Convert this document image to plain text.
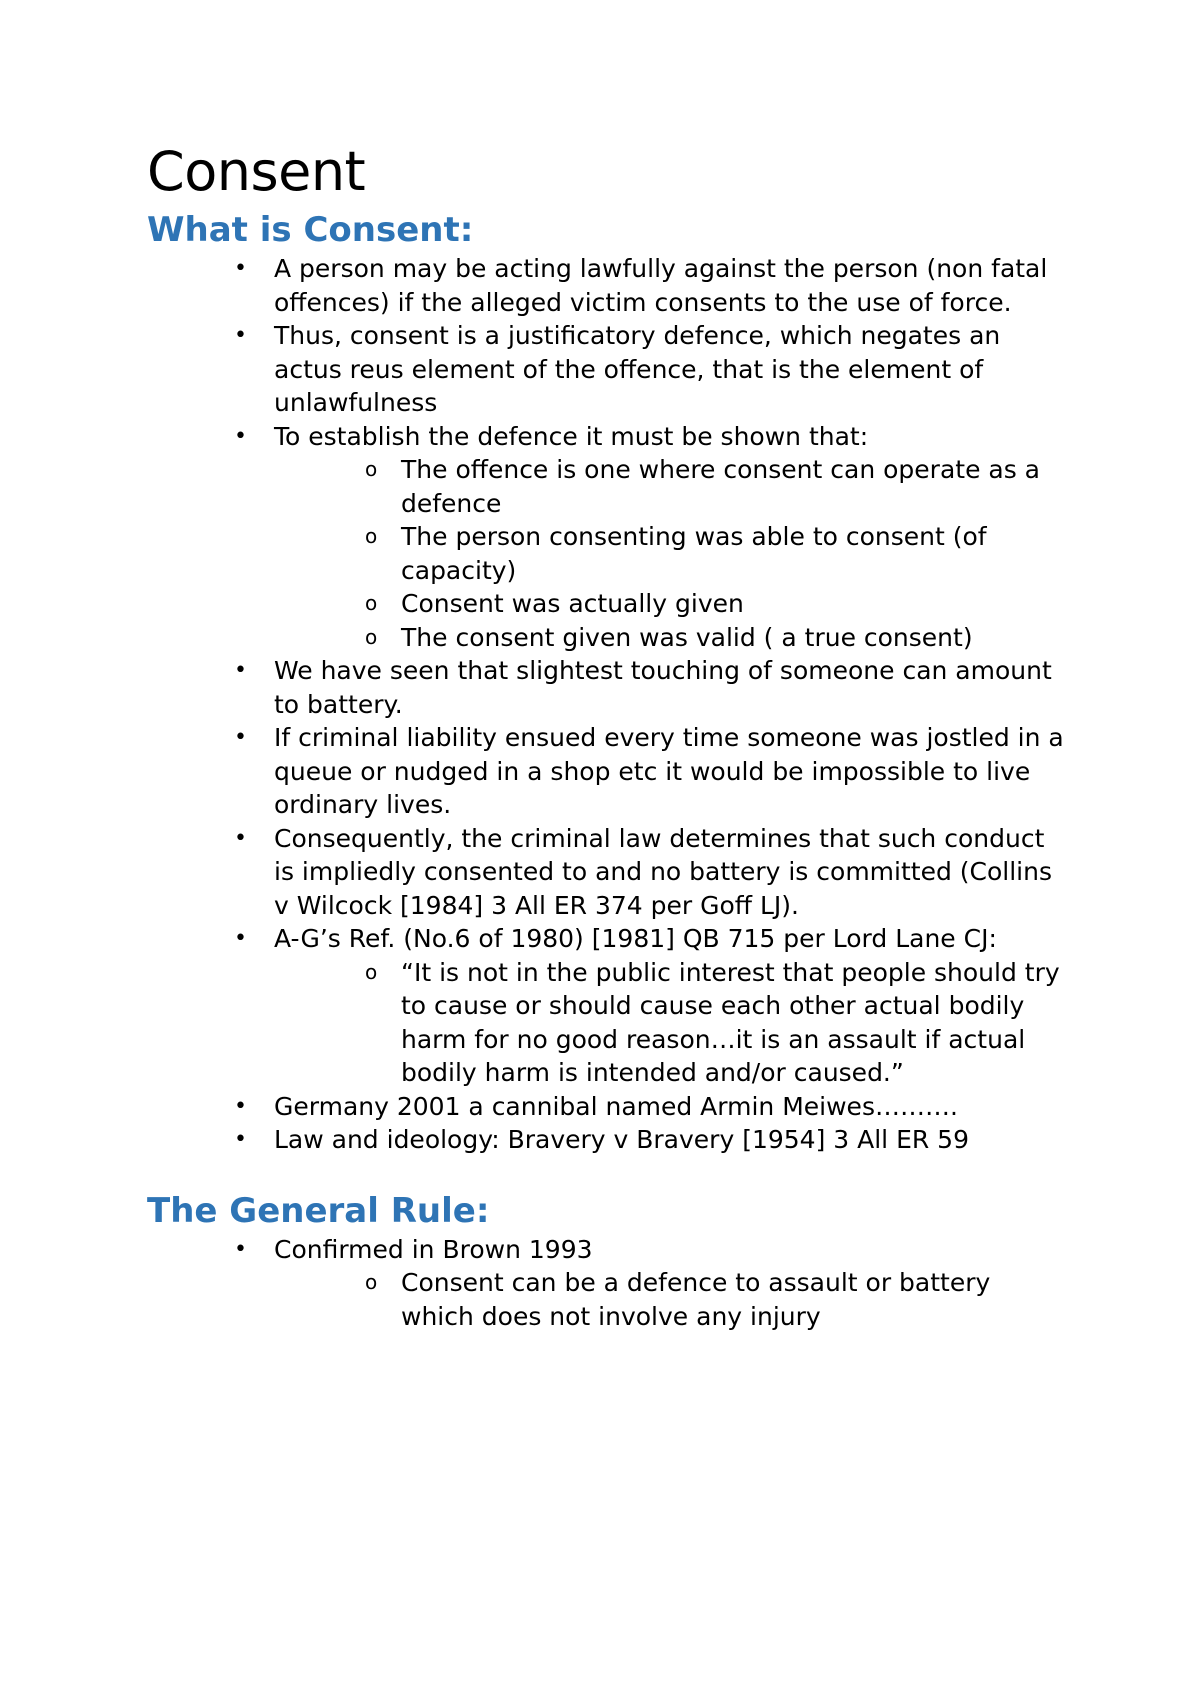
Consent
What is Consent:
• A person may be acting lawfully against the person (non fatal offences) if the alleged victim consents to the use of force.
• Thus, consent is a justificatory defence, which negates an actus reus element of the offence, that is the element of unlawfulness
• To establish the defence it must be shown that:
o The offence is one where consent can operate as a defence
o The person consenting was able to consent (of capacity)
o Consent was actually given
o The consent given was valid ( a true consent)
• We have seen that slightest touching of someone can amount to battery.
• If criminal liability ensued every time someone was jostled in a queue or nudged in a shop etc it would be impossible to live ordinary lives.
• Consequently, the criminal law determines that such conduct is impliedly consented to and no battery is committed (Collins v Wilcock [1984] 3 All ER 374 per Goff LJ).
• A-G’s Ref. (No.6 of 1980) [1981] QB 715 per Lord Lane CJ:
o “It is not in the public interest that people should try to cause or should cause each other actual bodily harm for no good reason…it is an assault if actual bodily harm is intended and/or caused.”
• Germany 2001 a cannibal named Armin Meiwes……….
• Law and ideology: Bravery v Bravery [1954] 3 All ER 59
The General Rule:
• Confirmed in Brown 1993
o Consent can be a defence to assault or battery which does not involve any injury
